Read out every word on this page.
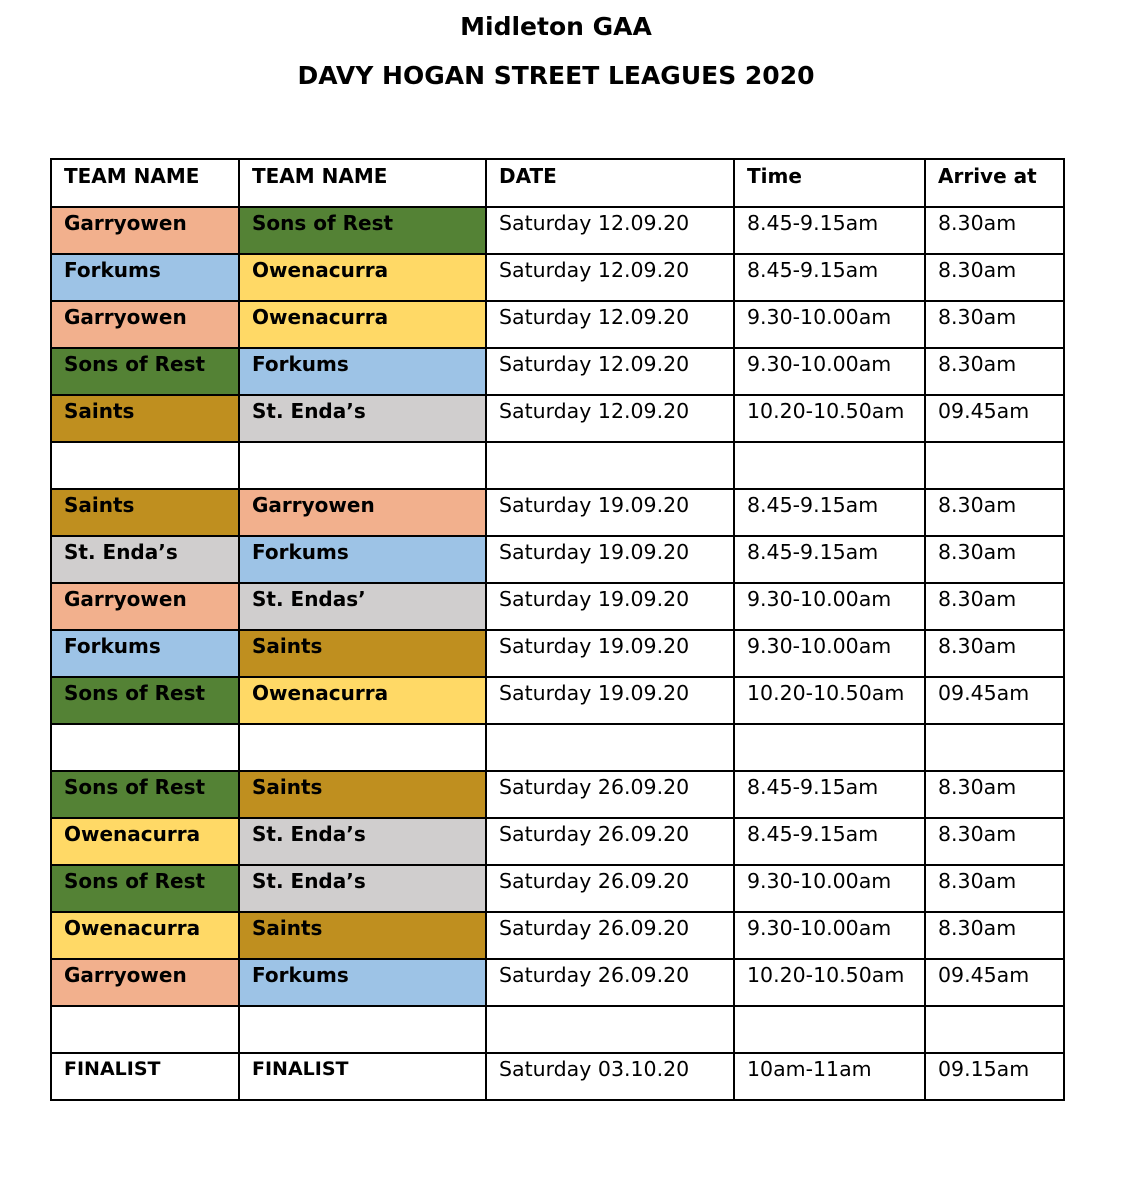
Midleton GAA
DAVY HOGAN STREET LEAGUES 2020
TEAM NAME	TEAM NAME	DATE	Time	Arrive at
Garryowen	Sons of Rest	Saturday 12.09.20	8.45-9.15am	8.30am
Forkums	Owenacurra	Saturday 12.09.20	8.45-9.15am	8.30am
Garryowen	Owenacurra	Saturday 12.09.20	9.30-10.00am	8.30am
Sons of Rest	Forkums	Saturday 12.09.20	9.30-10.00am	8.30am
Saints	St. Enda’s	Saturday 12.09.20	10.20-10.50am	09.45am

Saints	Garryowen	Saturday 19.09.20	8.45-9.15am	8.30am
St. Enda’s	Forkums	Saturday 19.09.20	8.45-9.15am	8.30am
Garryowen	St. Endas’	Saturday 19.09.20	9.30-10.00am	8.30am
Forkums	Saints	Saturday 19.09.20	9.30-10.00am	8.30am
Sons of Rest	Owenacurra	Saturday 19.09.20	10.20-10.50am	09.45am

Sons of Rest	Saints	Saturday 26.09.20	8.45-9.15am	8.30am
Owenacurra	St. Enda’s	Saturday 26.09.20	8.45-9.15am	8.30am
Sons of Rest	St. Enda’s	Saturday 26.09.20	9.30-10.00am	8.30am
Owenacurra	Saints	Saturday 26.09.20	9.30-10.00am	8.30am
Garryowen	Forkums	Saturday 26.09.20	10.20-10.50am	09.45am

FINALIST	FINALIST	Saturday 03.10.20	10am-11am	09.15am
